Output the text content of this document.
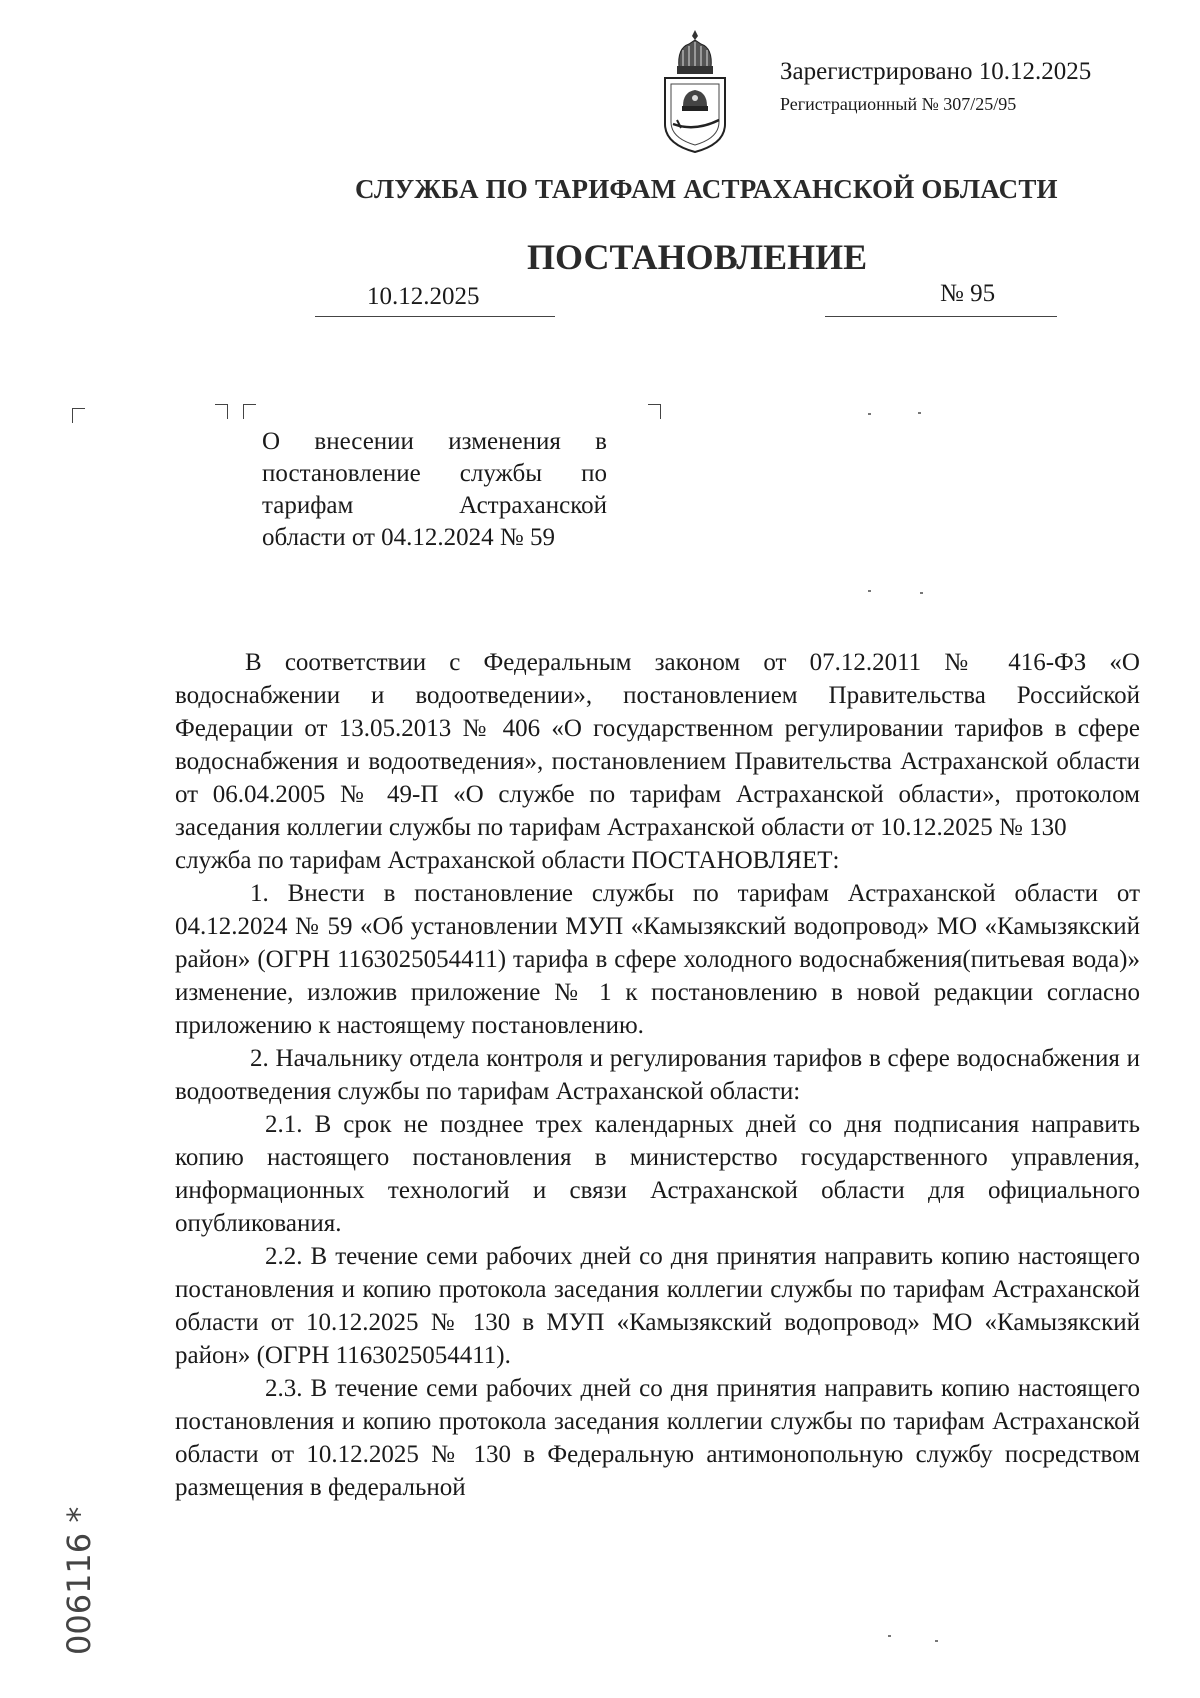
Зарегистрировано 10.12.2025
Регистрационный № 307/25/95
СЛУЖБА ПО ТАРИФАМ АСТРАХАНСКОЙ ОБЛАСТИ
ПОСТАНОВЛЕНИЕ
10.12.2025	№ 95
О внесении изменения в
постановление службы по
тарифам Астраханской
области от 04.12.2024 № 59

В соответствии с Федеральным законом от 07.12.2011 № 416-ФЗ «О водоснабжении и водоотведении», постановлением Правительства Российской Федерации от 13.05.2013 № 406 «О государственном регулировании тарифов в сфере водоснабжения и водоотведения», постановлением Правительства Астраханской области от 06.04.2005 № 49-П «О службе по тарифам Астраханской области», протоколом заседания коллегии службы по тарифам Астраханской области от 10.12.2025 № 130

служба по тарифам Астраханской области ПОСТАНОВЛЯЕТ:

1. Внести в постановление службы по тарифам Астраханской области от 04.12.2024 № 59 «Об установлении МУП «Камызякский водопровод» МО «Камызякский район» (ОГРН 1163025054411) тарифа в сфере холодного водоснабжения(питьевая вода)» изменение, изложив приложение № 1 к постановлению в новой редакции согласно приложению к настоящему постановлению.

2. Начальнику отдела контроля и регулирования тарифов в сфере водоснабжения и водоотведения службы по тарифам Астраханской области:

2.1. В срок не позднее трех календарных дней со дня подписания направить копию настоящего постановления в министерство государственного управления, информационных технологий и связи Астраханской области для официального опубликования.

2.2. В течение семи рабочих дней со дня принятия направить копию настоящего постановления и копию протокола заседания коллегии службы по тарифам Астраханской области от 10.12.2025 № 130 в МУП «Камызякский водопровод» МО «Камызякский район» (ОГРН 1163025054411).

2.3. В течение семи рабочих дней со дня принятия направить копию настоящего постановления и копию протокола заседания коллегии службы по тарифам Астраханской области от 10.12.2025 № 130 в Федеральную антимонопольную службу посредством размещения в федеральной

006116 *
